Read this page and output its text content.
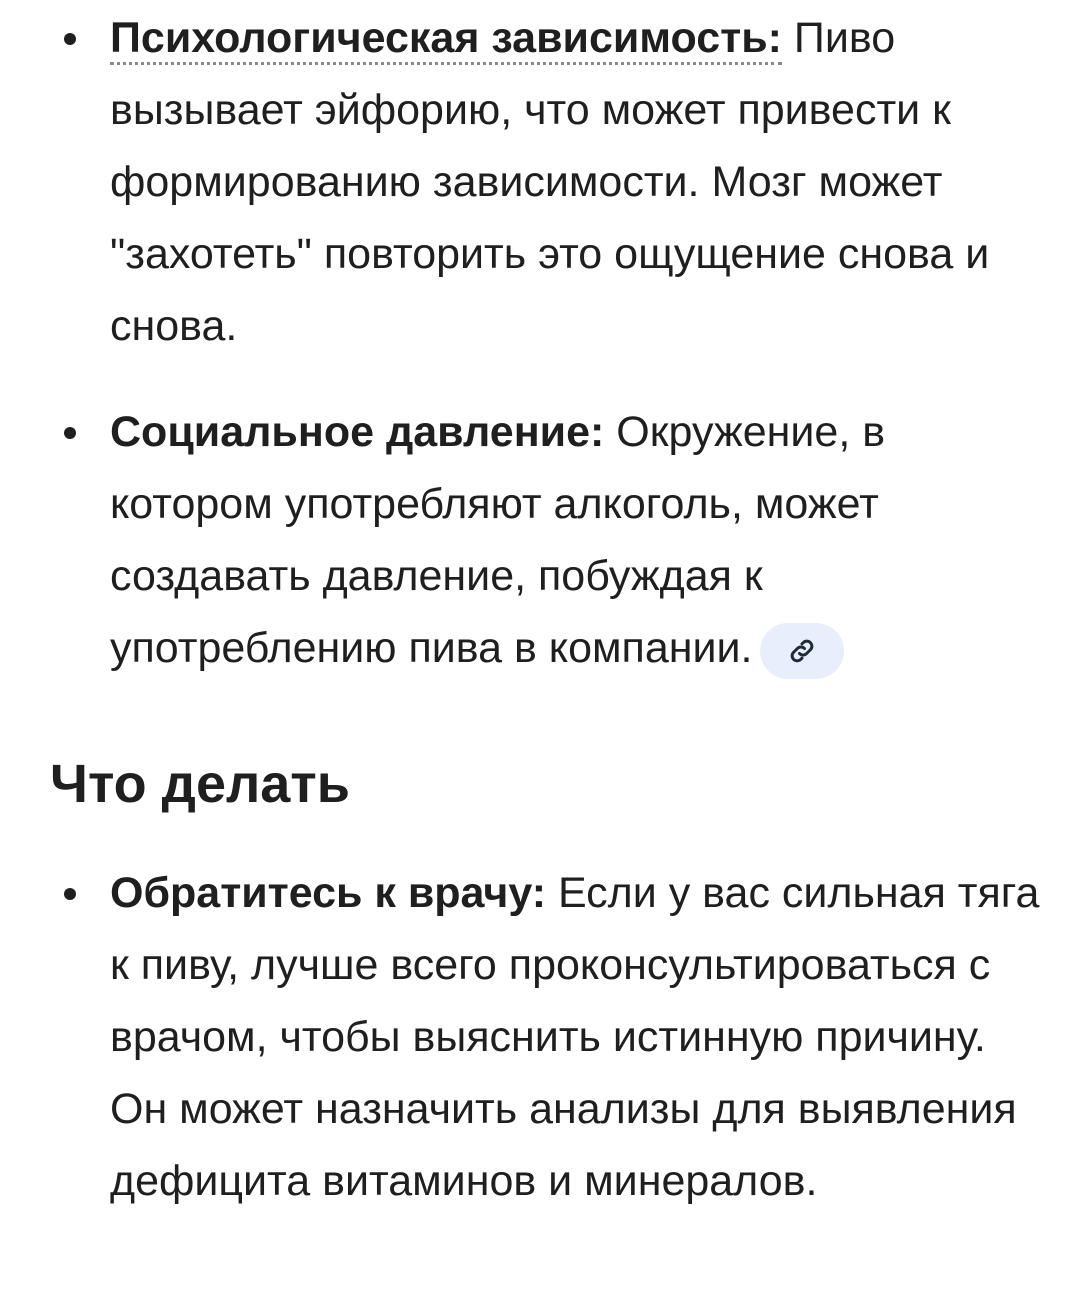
Психологическая зависимость: Пиво вызывает эйфорию, что может привести к формированию зависимости. Мозг может "захотеть" повторить это ощущение снова и снова.
Социальное давление: Окружение, в котором употребляют алкоголь, может создавать давление, побуждая к употреблению пива в компании.
Что делать
Обратитесь к врачу: Если у вас сильная тяга к пиву, лучше всего проконсультироваться с врачом, чтобы выяснить истинную причину. Он может назначить анализы для выявления дефицита витаминов и минералов.
